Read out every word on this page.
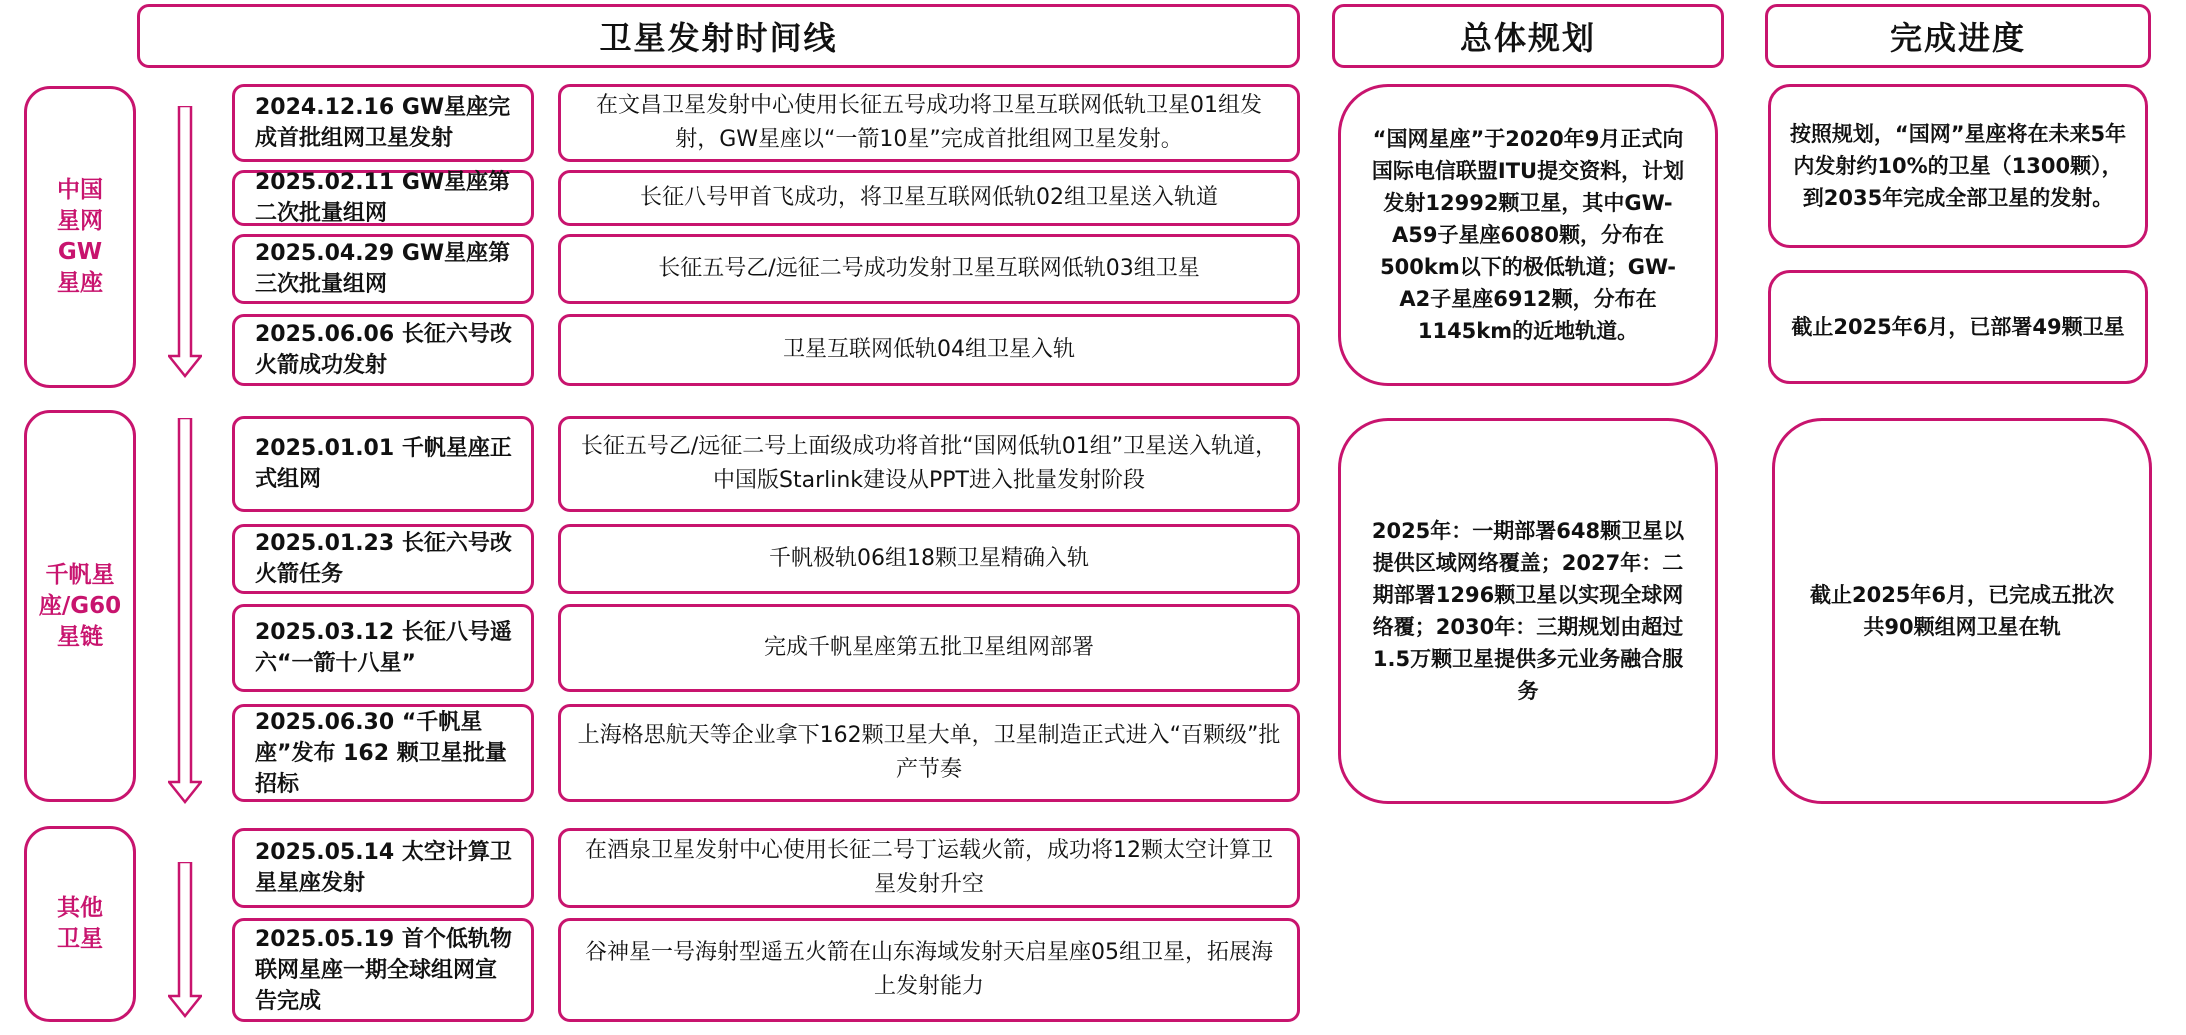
卫星发射时间线	总体规划	完成进度
中国星网GW星座
千帆星座/G60星链
其他卫星
2024.12.16 GW星座完成首批组网卫星发射
在文昌卫星发射中心使用长征五号成功将卫星互联网低轨卫星01组发射，GW星座以“一箭10星”完成首批组网卫星发射。
2025.02.11 GW星座第二次批量组网
长征八号甲首飞成功，将卫星互联网低轨02组卫星送入轨道
2025.04.29 GW星座第三次批量组网
长征五号乙/远征二号成功发射卫星互联网低轨03组卫星
2025.06.06 长征六号改火箭成功发射
卫星互联网低轨04组卫星入轨
2025.01.01 千帆星座正式组网
长征五号乙/远征二号上面级成功将首批“国网低轨01组”卫星送入轨道，中国版Starlink建设从PPT进入批量发射阶段
2025.01.23 长征六号改火箭任务
千帆极轨06组18颗卫星精确入轨
2025.03.12 长征八号遥六“一箭十八星”
完成千帆星座第五批卫星组网部署
2025.06.30 “千帆星座”发布 162 颗卫星批量招标
上海格思航天等企业拿下162颗卫星大单，卫星制造正式进入“百颗级”批产节奏
2025.05.14 太空计算卫星星座发射
在酒泉卫星发射中心使用长征二号丁运载火箭，成功将12颗太空计算卫星发射升空
2025.05.19 首个低轨物联网星座一期全球组网宣告完成
谷神星一号海射型遥五火箭在山东海域发射天启星座05组卫星，拓展海上发射能力
“国网星座”于2020年9月正式向国际电信联盟ITU提交资料，计划发射12992颗卫星，其中GW-A59子星座6080颗，分布在500km以下的极低轨道；GW-A2子星座6912颗，分布在1145km的近地轨道。
2025年：一期部署648颗卫星以提供区域网络覆盖；2027年：二期部署1296颗卫星以实现全球网络覆；2030年：三期规划由超过1.5万颗卫星提供多元业务融合服务
按照规划，“国网”星座将在未来5年内发射约10%的卫星（1300颗），到2035年完成全部卫星的发射。
截止2025年6月，已部署49颗卫星
截止2025年6月，已完成五批次共90颗组网卫星在轨
